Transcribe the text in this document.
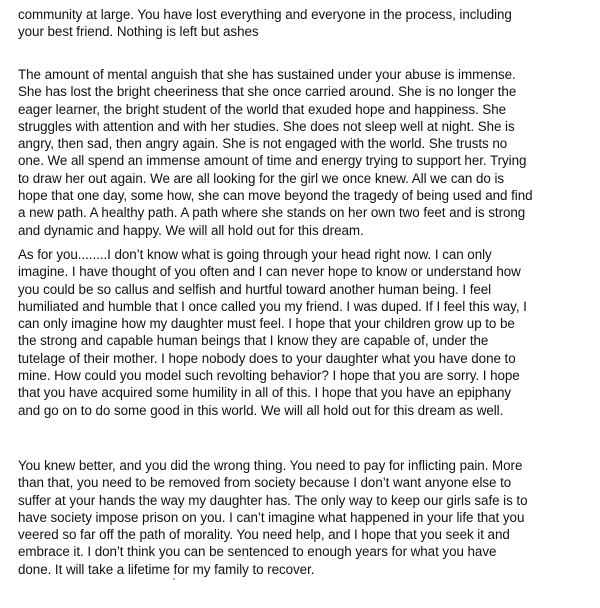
community at large. You have lost everything and everyone in the process, including
your best friend. Nothing is left but ashes

The amount of mental anguish that she has sustained under your abuse is immense.
She has lost the bright cheeriness that she once carried around. She is no longer the
eager learner, the bright student of the world that exuded hope and happiness. She
struggles with attention and with her studies. She does not sleep well at night. She is
angry, then sad, then angry again. She is not engaged with the world. She trusts no
one. We all spend an immense amount of time and energy trying to support her. Trying
to draw her out again. We are all looking for the girl we once knew. All we can do is
hope that one day, some how, she can move beyond the tragedy of being used and find
a new path. A healthy path. A path where she stands on her own two feet and is strong
and dynamic and happy. We will all hold out for this dream.

As for you........I don’t know what is going through your head right now. I can only
imagine. I have thought of you often and I can never hope to know or understand how
you could be so callus and selfish and hurtful toward another human being. I feel
humiliated and humble that I once called you my friend. I was duped. If I feel this way, I
can only imagine how my daughter must feel. I hope that your children grow up to be
the strong and capable human beings that I know they are capable of, under the
tutelage of their mother. I hope nobody does to your daughter what you have done to
mine. How could you model such revolting behavior? I hope that you are sorry. I hope
that you have acquired some humility in all of this. I hope that you have an epiphany
and go on to do some good in this world. We will all hold out for this dream as well.

You knew better, and you did the wrong thing. You need to pay for inflicting pain. More
than that, you need to be removed from society because I don’t want anyone else to
suffer at your hands the way my daughter has. The only way to keep our girls safe is to
have society impose prison on you. I can’t imagine what happened in your life that you
veered so far off the path of morality. You need help, and I hope that you seek it and
embrace it. I don’t think you can be sentenced to enough years for what you have
done. It will take a lifetime for my family to recover.
